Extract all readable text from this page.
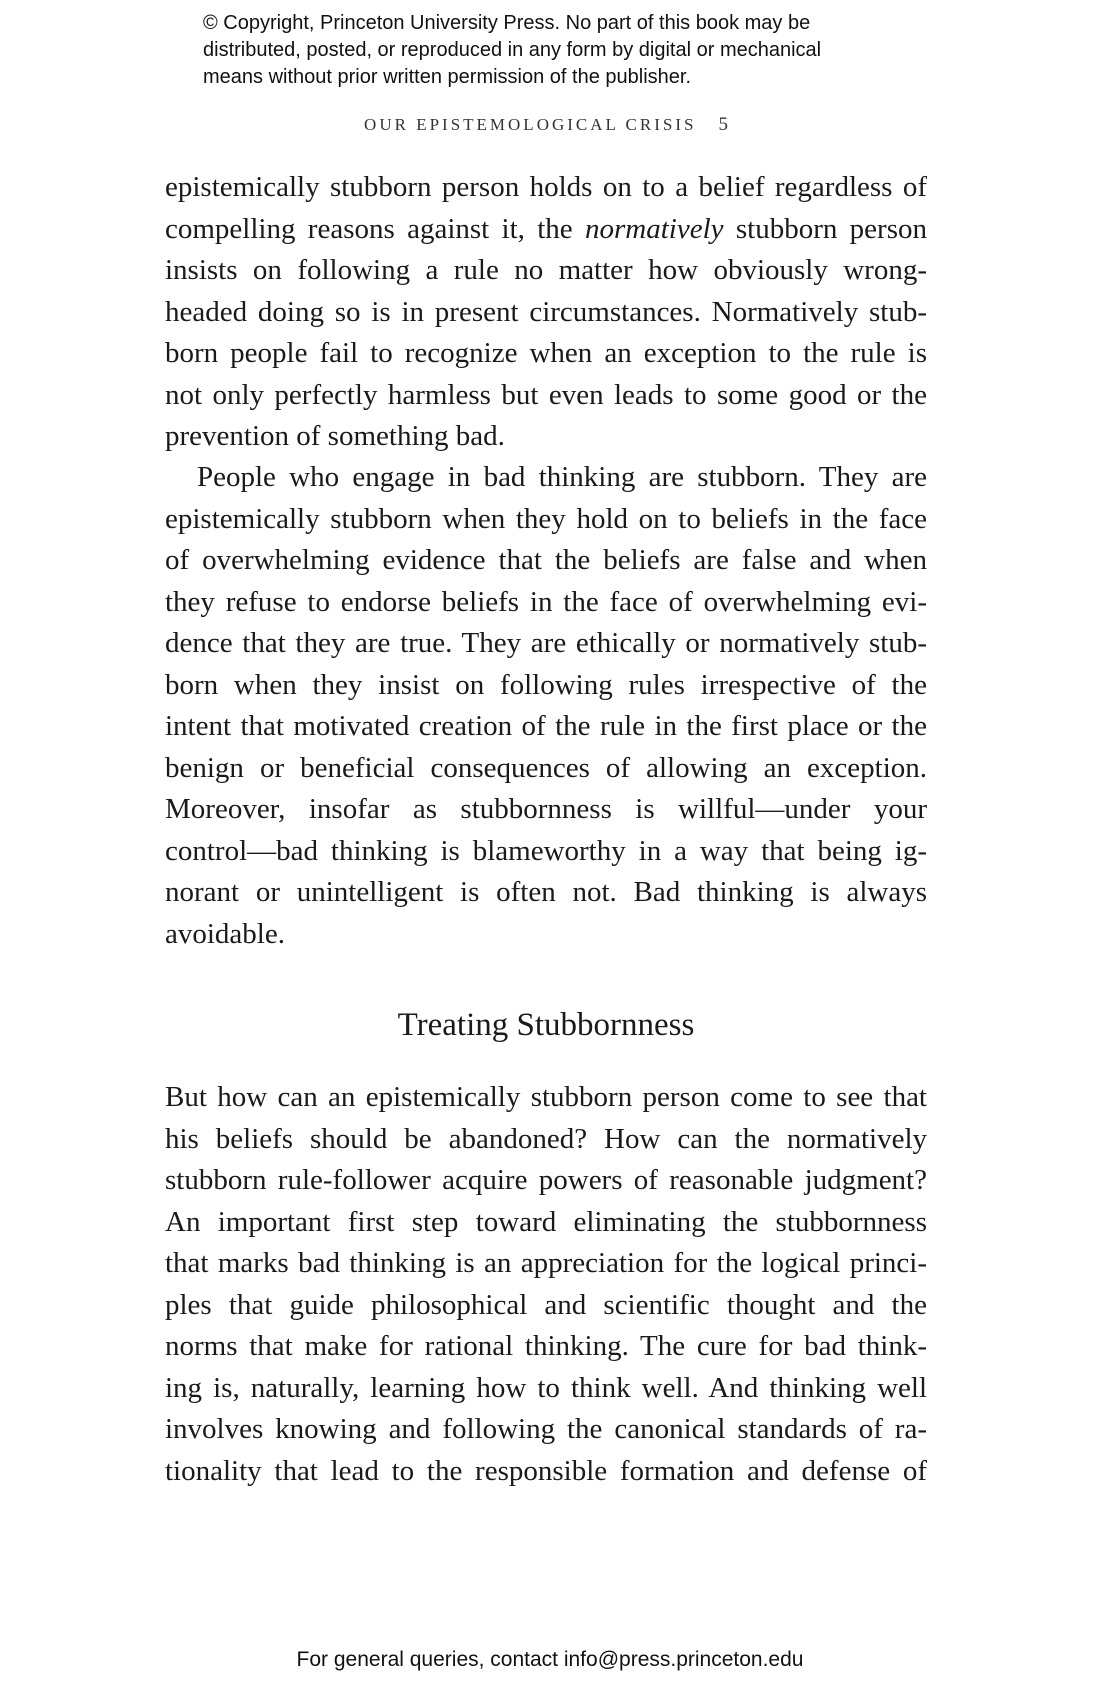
© Copyright, Princeton University Press. No part of this book may be
distributed, posted, or reproduced in any form by digital or mechanical
means without prior written permission of the publisher.
OUR EPISTEMOLOGICAL CRISIS 5
epistemically stubborn person holds on to a belief regardless of
compelling reasons against it, the normatively stubborn person
insists on following a rule no matter how obviously wrong-
headed doing so is in present circumstances. Normatively stub-
born people fail to recognize when an exception to the rule is
not only perfectly harmless but even leads to some good or the
prevention of something bad.
People who engage in bad thinking are stubborn. They are
epistemically stubborn when they hold on to beliefs in the face
of overwhelming evidence that the beliefs are false and when
they refuse to endorse beliefs in the face of overwhelming evi-
dence that they are true. They are ethically or normatively stub-
born when they insist on following rules irrespective of the
intent that motivated creation of the rule in the first place or the
benign or beneficial consequences of allowing an exception.
Moreover, insofar as stubbornness is willful—under your
control—bad thinking is blameworthy in a way that being ig-
norant or unintelligent is often not. Bad thinking is always
avoidable.
Treating Stubbornness
But how can an epistemically stubborn person come to see that
his beliefs should be abandoned? How can the normatively
stubborn rule-follower acquire powers of reasonable judgment?
An important first step toward eliminating the stubbornness
that marks bad thinking is an appreciation for the logical princi-
ples that guide philosophical and scientific thought and the
norms that make for rational thinking. The cure for bad think-
ing is, naturally, learning how to think well. And thinking well
involves knowing and following the canonical standards of ra-
tionality that lead to the responsible formation and defense of
For general queries, contact info@press.princeton.edu
